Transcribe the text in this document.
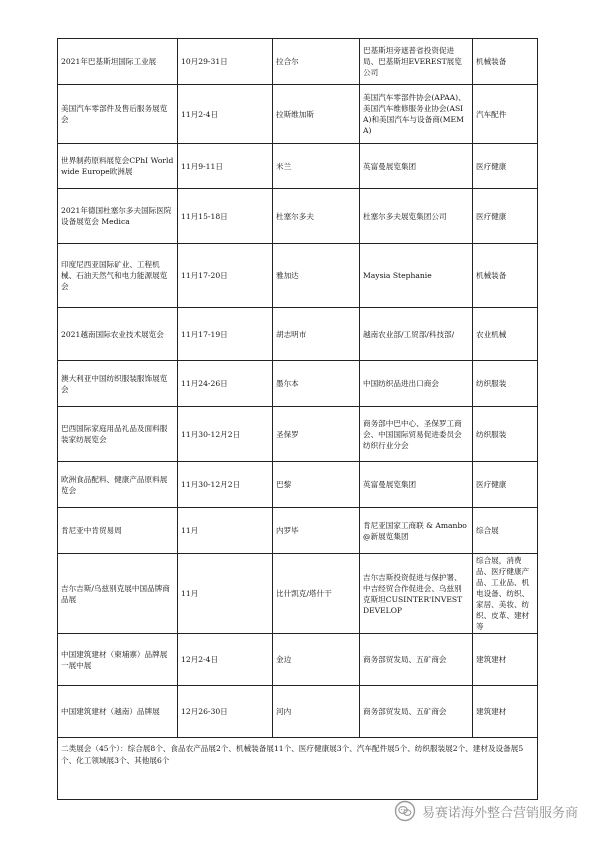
2021年巴基斯坦国际工业展	10月29-31日	拉合尔	巴基斯坦旁遮普省投资促进局、巴基斯坦EVEREST展览公司	机械装备
美国汽车零部件及售后服务展览会	11月2-4日	拉斯维加斯	美国汽车零部件协会(APAA)、美国汽车维修服务业协会(ASIA)和美国汽车与设备商(MEMA)	汽车配件
世界制药原料展览会CPhI Worldwide Europe欧洲展	11月9-11日	米兰	英富曼展览集团	医疗健康
2021年德国杜塞尔多夫国际医院设备展览会 Medica	11月15-18日	杜塞尔多夫	杜塞尔多夫展览集团公司	医疗健康
印度尼西亚国际矿业、工程机械、石油天然气和电力能源展览会	11月17-20日	雅加达	Maysia Stephanie	机械装备
2021越南国际农业技术展览会	11月17-19日	胡志明市	越南农业部/工贸部/科技部/	农业机械
澳大利亚中国纺织服装服饰展览会	11月24-26日	墨尔本	中国纺织品进出口商会	纺织服装
巴西国际家庭用品礼品及面料服装家纺展览会	11月30-12月2日	圣保罗	商务部中巴中心、圣保罗工商会、中国国际贸易促进委员会纺织行业分会	纺织服装
欧洲食品配料、健康产品原料展览会	11月30-12月2日	巴黎	英富曼展览集团	医疗健康
肯尼亚中肯贸易周	11月	内罗毕	肯尼亚国家工商联 & Amanbo@新展览集团	综合展
吉尔吉斯/乌兹别克展中国品牌商品展	11月	比什凯克/塔什干	吉尔吉斯投资促进与保护署、中吉经贸合作促进会、乌兹别克斯坦CUSINTER'INVEST DEVELOP	综合展，消费品、医疗健康产品、工业品、机电设备、纺织、家居、美妆、纺织、皮革、建材等
中国建筑建材（柬埔寨）品牌展一展中展	12月2-4日	金边	商务部贸发局、五矿商会	建筑建材
中国建筑建材（越南）品牌展	12月26-30日	河内	商务部贸发局、五矿商会	建筑建材
二类展会（45个）：综合展8个、食品农产品展2个、机械装备展11个、医疗健康展3个、汽车配件展5个、纺织服装展2个、建材及设备展5个、化工领域展3个、其他展6个				
易赛诺海外整合营销服务商
